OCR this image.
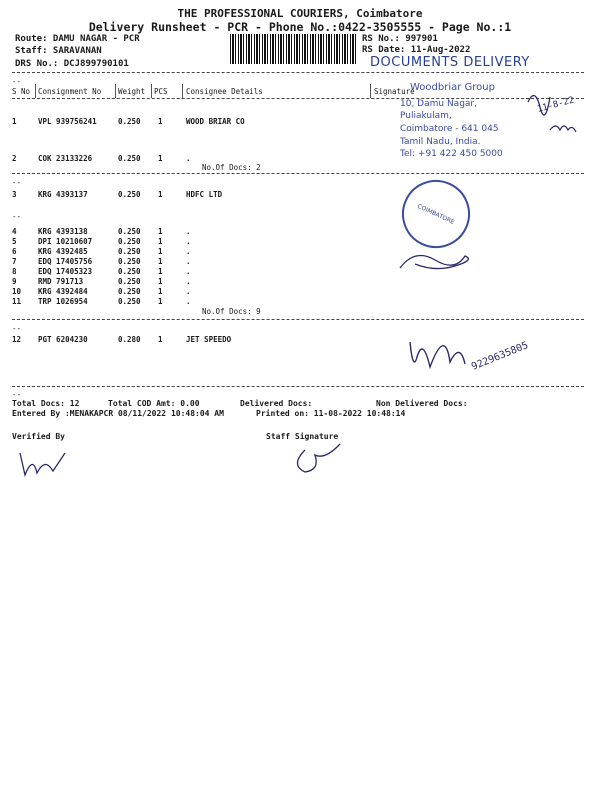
THE PROFESSIONAL COURIERS, Coimbatore
Delivery Runsheet - PCR - Phone No.:0422-3505555 - Page No.:1
Route: DAMU NAGAR - PCR
Staff: SARAVANAN
DRS No.: DCJ899790101
RS No.: 997901
RS Date: 11-Aug-2022
DOCUMENTS DELIVERY
--
S No Consignment No Weight PCS Consignee Details	Signature
1	VPL 939756241	0.250 1	WOOD BRIAR CO
2	COK 23133226	0.250 1	.
No.Of Docs: 2
--
3	KRG 4393137	0.250 1	HDFC LTD
--
4	KRG 4393138	0.250 1	.
5	DPI 10210607	0.250 1	.
6	KRG 4392485	0.250 1	.
7	EDQ 17405756	0.250 1	.
8	EDQ 17405323	0.250 1	.
9	RMD 791713	0.250 1	.
10 KRG 4392484	0.250 1	.
11 TRP 1026954	0.250 1	.
No.Of Docs: 9
--
12 PGT 6204230	0.280 1	JET SPEEDO
--
Woodbriar Group
10, Damu Nagar,
Puliakulam,
Coimbatore - 641 045
Tamil Nadu, India.
Tel: +91 422 450 5000
COIMBATORE
11-8-22
9229635805
Total Docs: 12	Total COD Amt: 0.00	Delivered Docs:	Non Delivered Docs:
Entered By :MENAKAPCR 08/11/2022 10:48:04 AM	Printed on: 11-08-2022 10:48:14
Verified By	Staff Signature
